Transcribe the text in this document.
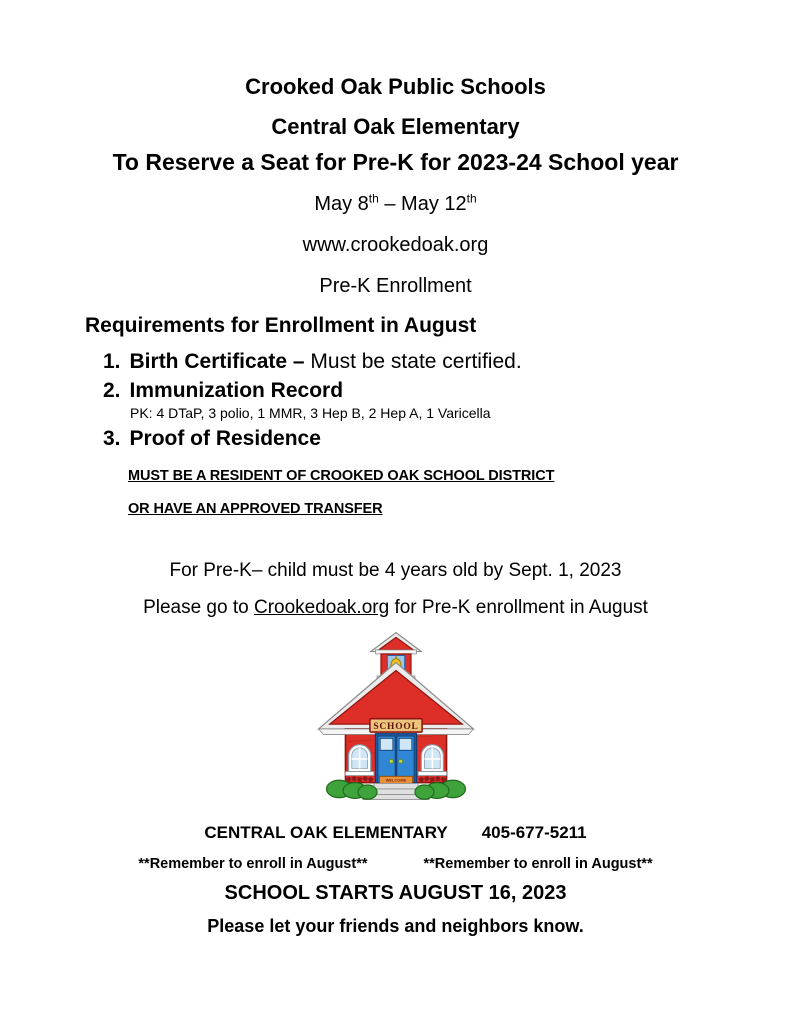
Crooked Oak Public Schools
Central Oak Elementary
To Reserve a Seat for Pre-K for 2023-24 School year
May 8th – May 12th
www.crookedoak.org
Pre-K Enrollment
Requirements for Enrollment in August
1. Birth Certificate – Must be state certified.
2. Immunization Record
PK: 4 DTaP, 3 polio, 1 MMR, 3 Hep B, 2 Hep A, 1 Varicella
3. Proof of Residence
MUST BE A RESIDENT OF CROOKED OAK SCHOOL DISTRICT
OR HAVE AN APPROVED TRANSFER
For Pre-K– child must be 4 years old by Sept. 1, 2023
Please go to Crookedoak.org for Pre-K enrollment in August
SCHOOL
WELCOME
CENTRAL OAK ELEMENTARY 405-677-5211
**Remember to enroll in August**	**Remember to enroll in August**
SCHOOL STARTS AUGUST 16, 2023
Please let your friends and neighbors know.
